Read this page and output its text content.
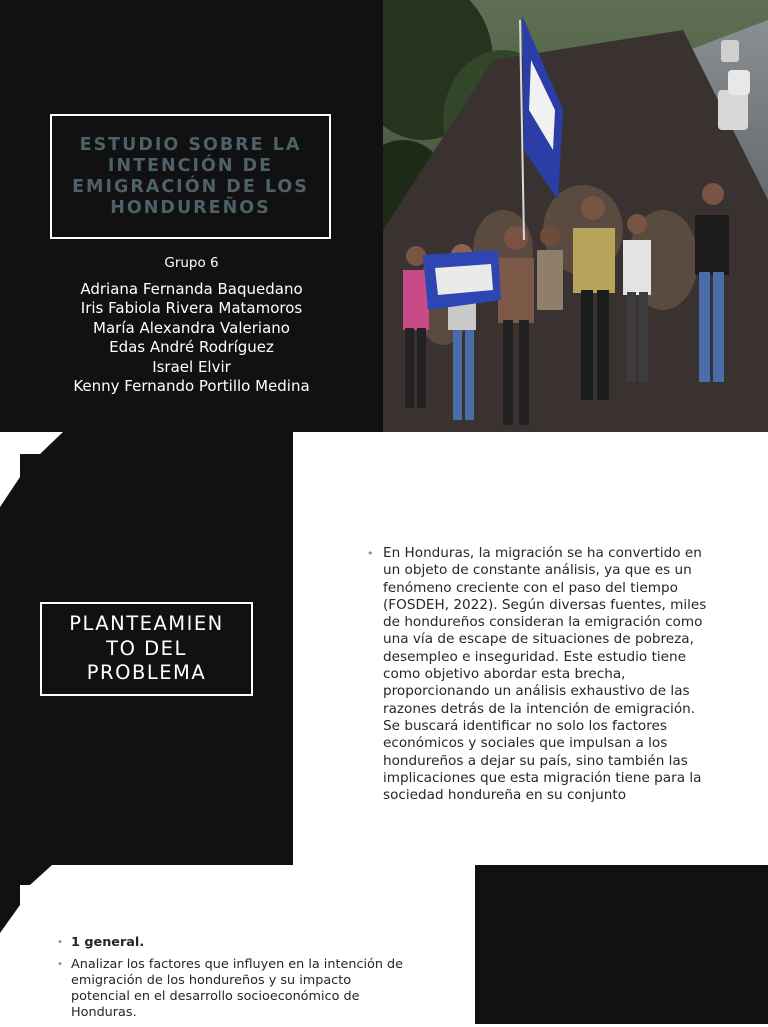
ESTUDIO SOBRE LA INTENCIÓN DE EMIGRACIÓN DE LOS HONDUREÑOS
Grupo 6
Adriana Fernanda Baquedano
Iris Fabiola Rivera Matamoros
María Alexandra Valeriano
Edas André Rodríguez
Israel Elvir
Kenny Fernando Portillo Medina
PLANTEAMIEN
TO DEL
PROBLEMA
• En Honduras, la migración se ha convertido en un objeto de constante análisis, ya que es un fenómeno creciente con el paso del tiempo (FOSDEH, 2022). Según diversas fuentes, miles de hondureños consideran la emigración como una vía de escape de situaciones de pobreza, desempleo e inseguridad. Este estudio tiene como objetivo abordar esta brecha, proporcionando un análisis exhaustivo de las razones detrás de la intención de emigración. Se buscará identificar no solo los factores económicos y sociales que impulsan a los hondureños a dejar su país, sino también las implicaciones que esta migración tiene para la sociedad hondureña en su conjunto

• 1 general.
• Analizar los factores que influyen en la intención de emigración de los hondureños y su impacto potencial en el desarrollo socioeconómico de Honduras.
